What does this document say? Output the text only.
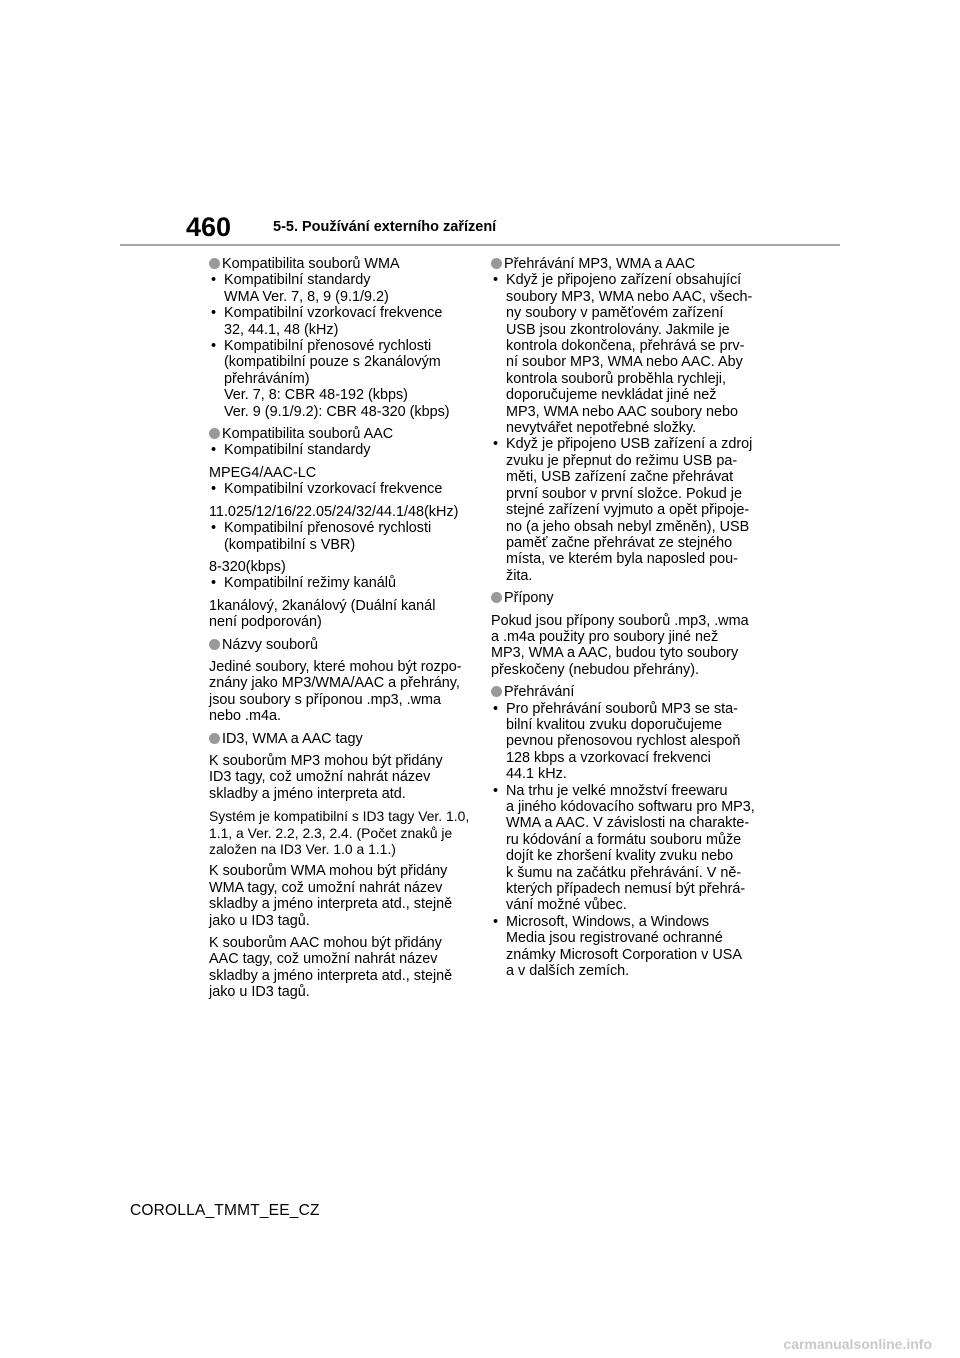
460	5-5. Používání externího zařízení
Kompatibilita souborů WMA
• Kompatibilní standardy
WMA Ver. 7, 8, 9 (9.1/9.2)
• Kompatibilní vzorkovací frekvence
32, 44.1, 48 (kHz)
• Kompatibilní přenosové rychlosti
(kompatibilní pouze s 2kanálovým
přehráváním)
Ver. 7, 8: CBR 48-192 (kbps)
Ver. 9 (9.1/9.2): CBR 48-320 (kbps)
Kompatibilita souborů AAC
• Kompatibilní standardy
MPEG4/AAC-LC
• Kompatibilní vzorkovací frekvence
11.025/12/16/22.05/24/32/44.1/48(kHz)
• Kompatibilní přenosové rychlosti
(kompatibilní s VBR)
8-320(kbps)
• Kompatibilní režimy kanálů
1kanálový, 2kanálový (Duální kanál
není podporován)
Názvy souborů
Jediné soubory, které mohou být rozpo-
znány jako MP3/WMA/AAC a přehrány,
jsou soubory s příponou .mp3, .wma
nebo .m4a.
ID3, WMA a AAC tagy
K souborům MP3 mohou být přidány
ID3 tagy, což umožní nahrát název
skladby a jméno interpreta atd.
Systém je kompatibilní s ID3 tagy Ver. 1.0,
1.1, a Ver. 2.2, 2.3, 2.4. (Počet znaků je
založen na ID3 Ver. 1.0 a 1.1.)
K souborům WMA mohou být přidány
WMA tagy, což umožní nahrát název
skladby a jméno interpreta atd., stejně
jako u ID3 tagů.
K souborům AAC mohou být přidány
AAC tagy, což umožní nahrát název
skladby a jméno interpreta atd., stejně
jako u ID3 tagů.
Přehrávání MP3, WMA a AAC
• Když je připojeno zařízení obsahující
soubory MP3, WMA nebo AAC, všech-
ny soubory v paměťovém zařízení
USB jsou zkontrolovány. Jakmile je
kontrola dokončena, přehrává se prv-
ní soubor MP3, WMA nebo AAC. Aby
kontrola souborů proběhla rychleji,
doporučujeme nevkládat jiné než
MP3, WMA nebo AAC soubory nebo
nevytvářet nepotřebné složky.
• Když je připojeno USB zařízení a zdroj
zvuku je přepnut do režimu USB pa-
měti, USB zařízení začne přehrávat
první soubor v první složce. Pokud je
stejné zařízení vyjmuto a opět připoje-
no (a jeho obsah nebyl změněn), USB
paměť začne přehrávat ze stejného
místa, ve kterém byla naposled pou-
žita.
Přípony
Pokud jsou přípony souborů .mp3, .wma
a .m4a použity pro soubory jiné než
MP3, WMA a AAC, budou tyto soubory
přeskočeny (nebudou přehrány).
Přehrávání
• Pro přehrávání souborů MP3 se sta-
bilní kvalitou zvuku doporučujeme
pevnou přenosovou rychlost alespoň
128 kbps a vzorkovací frekvenci
44.1 kHz.
• Na trhu je velké množství freewaru
a jiného kódovacího softwaru pro MP3,
WMA a AAC. V závislosti na charakte-
ru kódování a formátu souboru může
dojít ke zhoršení kvality zvuku nebo
k šumu na začátku přehrávání. V ně-
kterých případech nemusí být přehrá-
vání možné vůbec.
• Microsoft, Windows, a Windows
Media jsou registrované ochranné
známky Microsoft Corporation v USA
a v dalších zemích.
COROLLA_TMMT_EE_CZ
carmanualsonline.info
